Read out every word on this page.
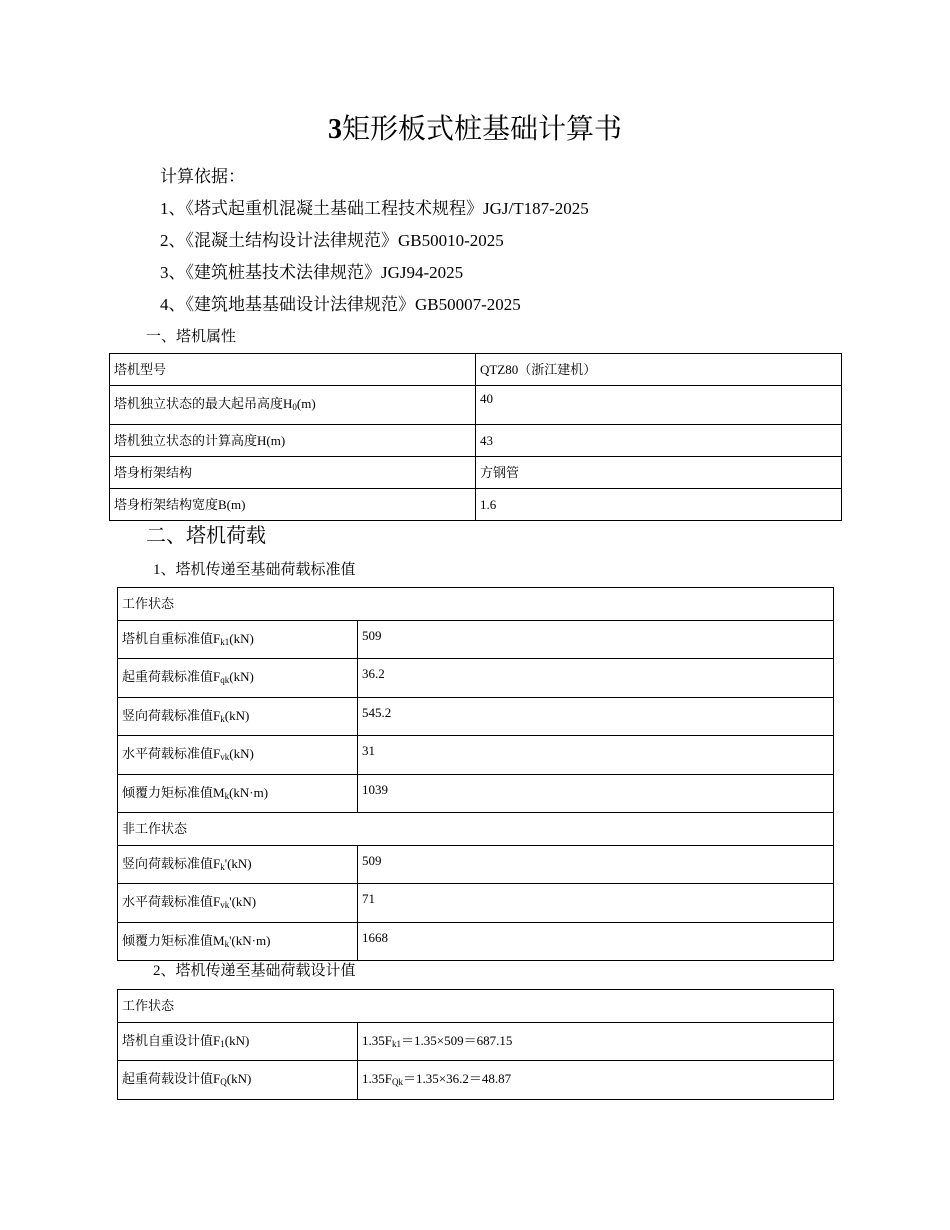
3矩形板式桩基础计算书
计算依据：
1、《塔式起重机混凝土基础工程技术规程》JGJ/T187-2025
2、《混凝土结构设计法律规范》GB50010-2025
3、《建筑桩基技术法律规范》JGJ94-2025
4、《建筑地基基础设计法律规范》GB50007-2025
一、塔机属性
塔机型号	QTZ80（浙江建机）

塔机独立状态的最大起吊高度$H_0(m)$	40

塔机独立状态的计算高度H(m)	43

塔身桁架结构	方钢管

塔身桁架结构宽度B(m)	1.6
二、塔机荷载
1、塔机传递至基础荷载标准值
工作状态	

塔机自重标准值$F_{k1}(kN)$	509

起重荷载标准值$F_{qk}(kN)$	36.2

竖向荷载标准值$F_k(kN)$	545.2

水平荷载标准值$F_{vk}(kN)$	31

倾覆力矩标准值$M_k(kN\cdot m)$	1039

非工作状态	

竖向荷载标准值$F_k'(kN)$	509

水平荷载标准值$F_{vk}'(kN)$	71

倾覆力矩标准值$M_k'(kN\cdot m)$	1668
2、塔机传递至基础荷载设计值
工作状态	

塔机自重设计值$F_1(kN)$	$1.35F_{k1}=1.35\times 509=687.15$

起重荷载设计值$F_Q(kN)$	$1.35F_{Qk}=1.35\times 36.2=48.87$
